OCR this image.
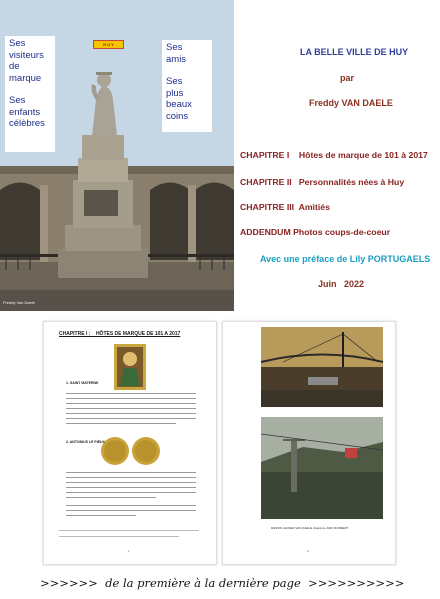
H U Y
Ses
visiteurs
de
marque
Ses
enfants
célèbres
Ses
amis
Ses
plus
beaux
coins
Freddy Van Daele
LA BELLE VILLE DE HUY
par
Freddy VAN DAELE
CHAPITRE I    Hôtes de marque de 101 à 2017
CHAPITRE II   Personnalités nées à Huy
CHAPITRE III  Amitiés
ADDENDUM Photos coups-de-coeur
Avec une préface de Lily PORTUGAELS
Juin   2022
CHAPITRE I :    HÔTES DE MARQUE DE 101 A 2017
1. SAINT MATERNE
2. ANTONIUS LE PIEUX
1
DESSIN ALFRED VAN DAELE d'après le 4DIF ROSBERT
2
>>>>>>  de la première à la dernière page  >>>>>>>>>>
